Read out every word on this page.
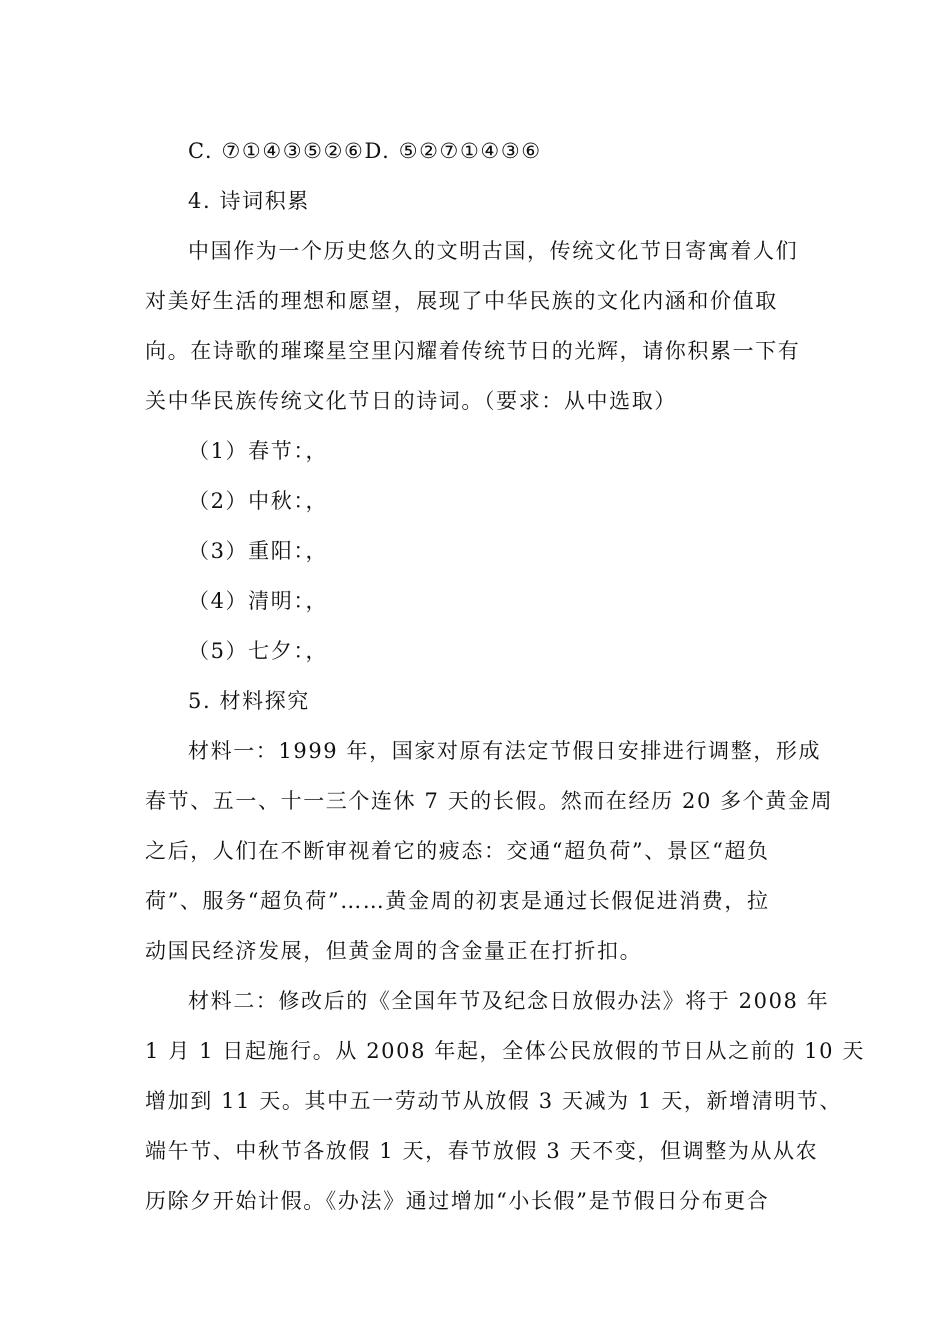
C. ⑦①④③⑤②⑥D. ⑤②⑦①④③⑥
4. 诗词积累
中国作为一个历史悠久的文明古国，传统文化节日寄寓着人们
对美好生活的理想和愿望，展现了中华民族的文化内涵和价值取
向。在诗歌的璀璨星空里闪耀着传统节日的光辉，请你积累一下有
关中华民族传统文化节日的诗词。（要求：从中选取）
（1）春节：，
（2）中秋：，
（3）重阳：，
（4）清明：，
（5）七夕：，
5. 材料探究
材料一：1999 年，国家对原有法定节假日安排进行调整，形成
春节、五一、十一三个连休 7 天的长假。然而在经历 20 多个黄金周
之后，人们在不断审视着它的疲态：交通“超负荷”、景区“超负
荷”、服务“超负荷”……黄金周的初衷是通过长假促进消费，拉
动国民经济发展，但黄金周的含金量正在打折扣。
材料二：修改后的《全国年节及纪念日放假办法》将于 2008 年
1 月 1 日起施行。从 2008 年起，全体公民放假的节日从之前的 10 天
增加到 11 天。其中五一劳动节从放假 3 天减为 1 天，新增清明节、
端午节、中秋节各放假 1 天，春节放假 3 天不变，但调整为从从农
历除夕开始计假。《办法》通过增加“小长假”是节假日分布更合
